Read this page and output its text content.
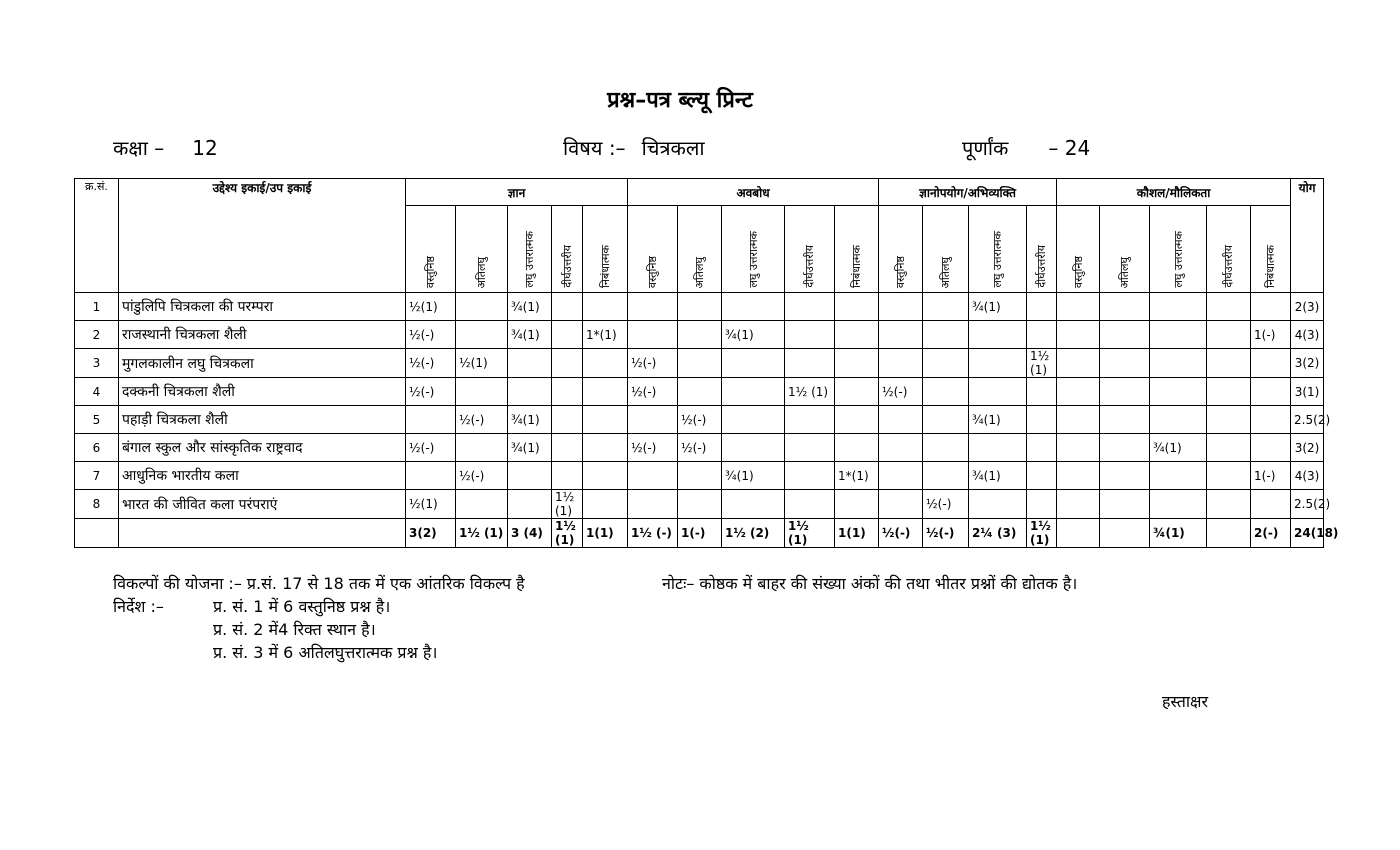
प्रश्न–पत्र ब्ल्यू प्रिन्ट
कक्षा – 12	विषय :– चित्रकला	पूर्णांक – 24
क्र.सं.	उद्देश्य इकाई/उप इकाई	ज्ञान					अवबोध					ज्ञानोपयोग/अभिव्यक्ति				कौशल/मौलिकता					योग

		वस्तुनिष्ठ	अतिलघु	लघु उत्तरात्मक	दीर्घउत्तरीय	निबंधात्मक	वस्तुनिष्ठ	अतिलघु	लघु उत्तरात्मक	दीर्घउत्तरीय	निबंधात्मक	वस्तुनिष्ठ	अतिलघु	लघु उत्तरात्मक	दीर्घउत्तरीय	वस्तुनिष्ठ	अतिलघु	लघु उत्तरात्मक	दीर्घउत्तरीय	निबंधात्मक	

1	पांडुलिपि चित्रकला की परम्परा	½(1)		¾(1)										¾(1)							2(3)
2	राजस्थानी चित्रकला शैली	½(-)		¾(1)		1*(1)			¾(1)											1(-)	4(3)
3	मुगलकालीन लघु चित्रकला	½(-)	½(1)				½(-)								1½ (1)						3(2)
4	दक्कनी चित्रकला शैली	½(-)					½(-)			1½ (1)		½(-)									3(1)
5	पहाड़ी चित्रकला शैली		½(-)	¾(1)				½(-)						¾(1)							2.5(2)
6	बंगाल स्कुल और सांस्कृतिक राष्ट्रवाद	½(-)		¾(1)			½(-)	½(-)										¾(1)			3(2)
7	आधुनिक भारतीय कला		½(-)						¾(1)		1*(1)			¾(1)						1(-)	4(3)
8	भारत की जीवित कला परंपराएं	½(1)			1½ (1)								½(-)								2.5(2)
		3(2)	1½ (1)	3 (4)	1½ (1)	1(1)	1½ (-)	1(-)	1½ (2)	1½ (1)	1(1)	½(-)	½(-)	2¼ (3)	1½ (1)			¾(1)		2(-)	24(18)
विकल्पों की योजना :– प्र.सं. 17 से 18 तक में एक आंतरिक विकल्प है
निर्देश :–	प्र. सं. 1 में 6 वस्तुनिष्ठ प्रश्न है।
प्र. सं. 2 में4 रिक्त स्थान है।
प्र. सं. 3 में 6 अतिलघुत्तरात्मक प्रश्न है।
नोटः– कोष्ठक में बाहर की संख्या अंकों की तथा भीतर प्रश्नों की द्योतक है।
हस्ताक्षर
